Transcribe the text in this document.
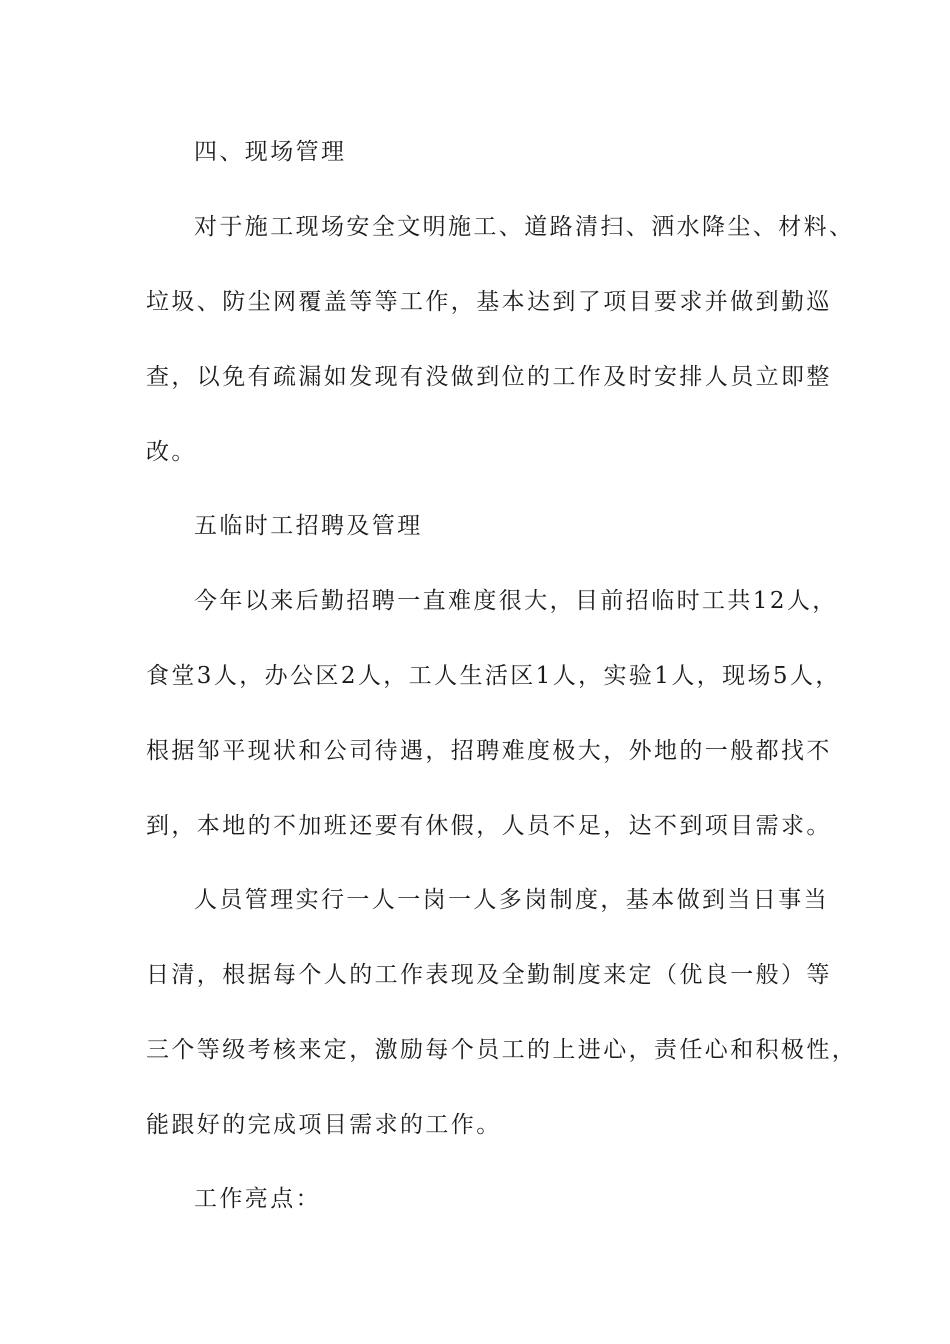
四、现场管理
对于施工现场安全文明施工、道路清扫、洒水降尘、材料、
垃圾、防尘网覆盖等等工作，基本达到了项目要求并做到勤巡
查，以免有疏漏如发现有没做到位的工作及时安排人员立即整
改。
五临时工招聘及管理
今年以来后勤招聘一直难度很大，目前招临时工共12人，
食堂3人，办公区2人，工人生活区1人，实验1人，现场5人，
根据邹平现状和公司待遇，招聘难度极大，外地的一般都找不
到，本地的不加班还要有休假，人员不足，达不到项目需求。
人员管理实行一人一岗一人多岗制度，基本做到当日事当
日清，根据每个人的工作表现及全勤制度来定（优良一般）等
三个等级考核来定，激励每个员工的上进心，责任心和积极性，
能跟好的完成项目需求的工作。
工作亮点：
